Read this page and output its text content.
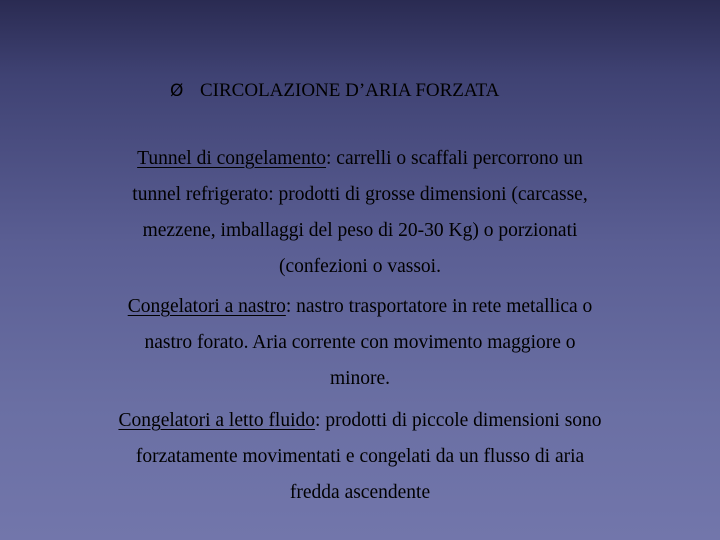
Ø CIRCOLAZIONE D’ARIA FORZATA
Tunnel di congelamento: carrelli o scaffali percorrono un
tunnel refrigerato: prodotti di grosse dimensioni (carcasse,
mezzene, imballaggi del peso di 20-30 Kg) o porzionati
(confezioni o vassoi.
Congelatori a nastro: nastro trasportatore in rete metallica o
nastro forato. Aria corrente con movimento maggiore o
minore.
Congelatori a letto fluido: prodotti di piccole dimensioni sono
forzatamente movimentati e congelati da un flusso di aria
fredda ascendente
